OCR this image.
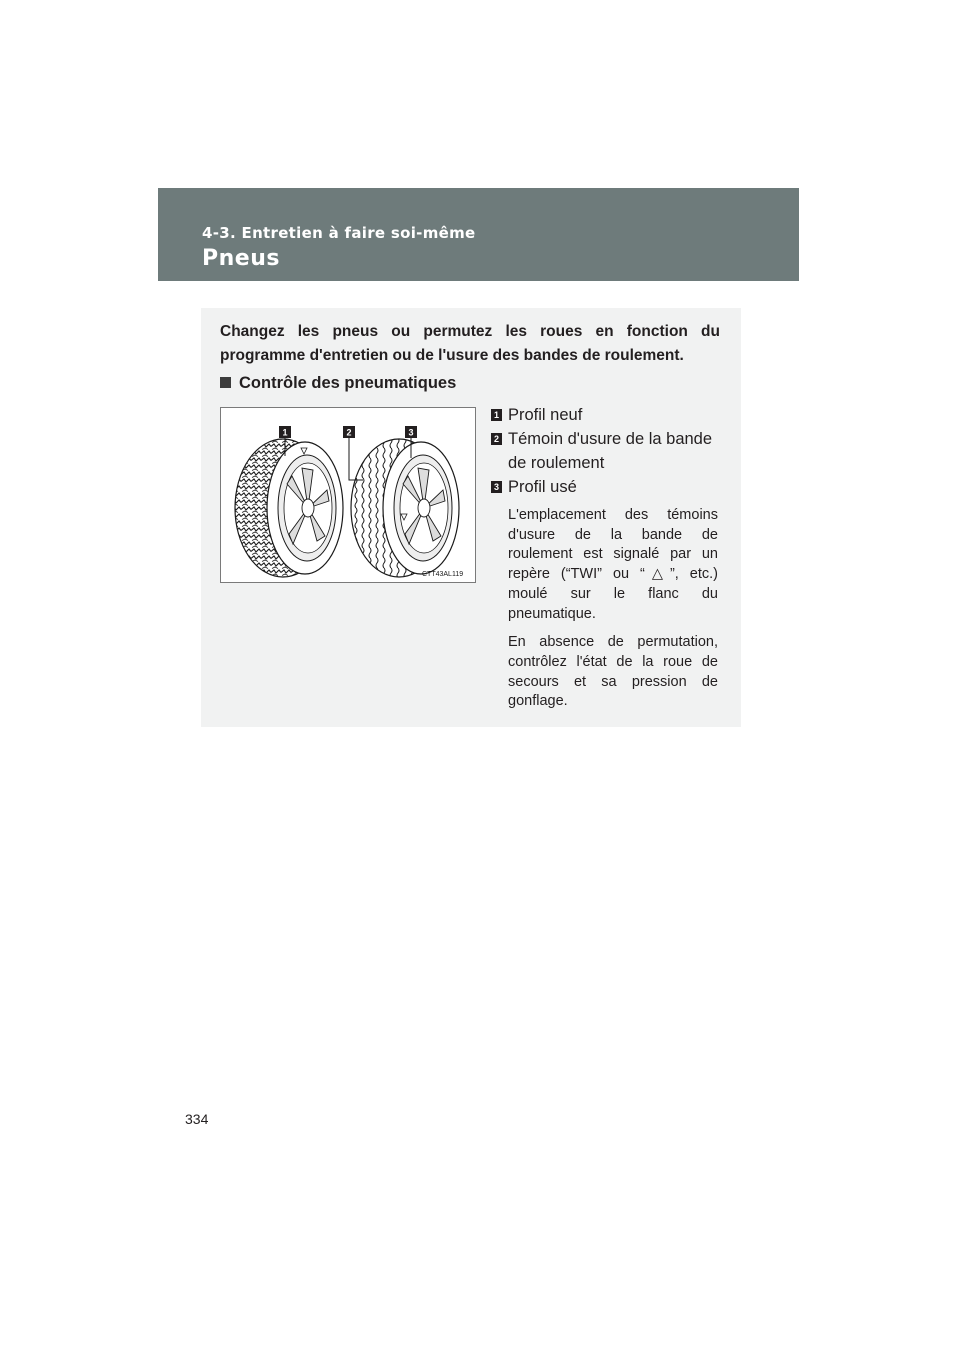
4-3. Entretien à faire soi-même
Pneus

Changez les pneus ou permutez les roues en fonction du programme d'entretien ou de l'usure des bandes de roulement.

Contrôle des pneumatiques
1	2	3
CTT43AL119
1 Profil neuf
2 Témoin d'usure de la bande de roulement
3 Profil usé

L'emplacement des témoins d'usure de la bande de roulement est signalé par un repère (“TWI” ou “△”, etc.) moulé sur le flanc du pneumatique.

En absence de permutation, contrôlez l'état de la roue de secours et sa pression de gonflage.

334
